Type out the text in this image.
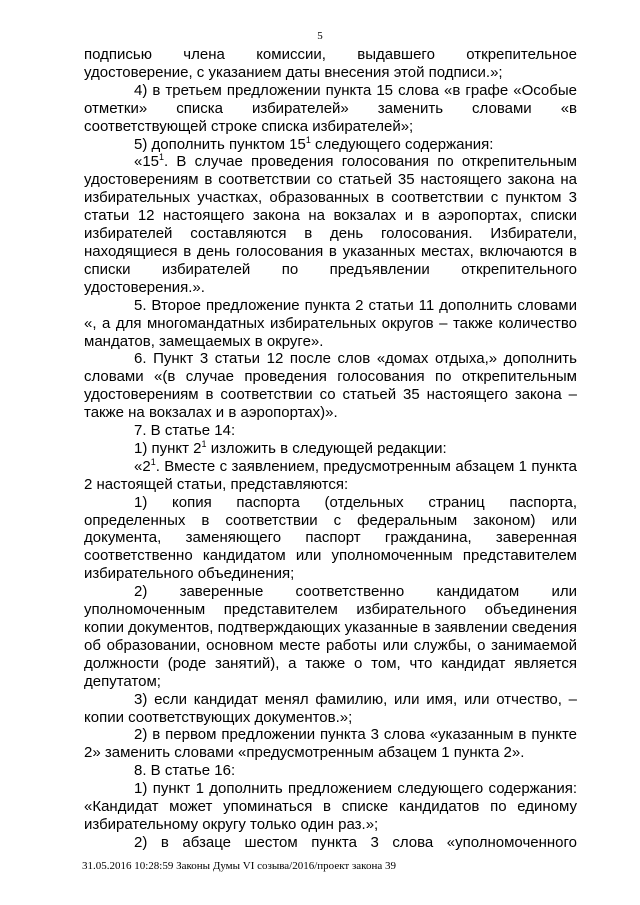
5

подписью члена комиссии, выдавшего открепительное удостоверение, с указанием даты внесения этой подписи.»;

4) в третьем предложении пункта 15 слова «в графе «Особые отметки» списка избирателей» заменить словами «в соответствующей строке списка избирателей»;

5) дополнить пунктом $15^1$ следующего содержания:

«$15^1$. В случае проведения голосования по открепительным удостоверениям в соответствии со статьей 35 настоящего закона на избирательных участках, образованных в соответствии с пунктом 3 статьи 12 настоящего закона на вокзалах и в аэропортах, списки избирателей составляются в день голосования. Избиратели, находящиеся в день голосования в указанных местах, включаются в списки избирателей по предъявлении открепительного удостоверения.».

5. Второе предложение пункта 2 статьи 11 дополнить словами «, а для многомандатных избирательных округов – также количество мандатов, замещаемых в округе».

6. Пункт 3 статьи 12 после слов «домах отдыха,» дополнить словами «(в случае проведения голосования по открепительным удостоверениям в соответствии со статьей 35 настоящего закона – также на вокзалах и в аэропортах)».

7. В статье 14:

1) пункт $2^1$ изложить в следующей редакции:

«$2^1$. Вместе с заявлением, предусмотренным абзацем 1 пункта 2 настоящей статьи, представляются:

1) копия паспорта (отдельных страниц паспорта, определенных в соответствии с федеральным законом) или документа, заменяющего паспорт гражданина, заверенная соответственно кандидатом или уполномоченным представителем избирательного объединения;

2) заверенные соответственно кандидатом или уполномоченным представителем избирательного объединения копии документов, подтверждающих указанные в заявлении сведения об образовании, основном месте работы или службы, о занимаемой должности (роде занятий), а также о том, что кандидат является депутатом;

3) если кандидат менял фамилию, или имя, или отчество, – копии соответствующих документов.»;

2) в первом предложении пункта 3 слова «указанным в пункте 2» заменить словами «предусмотренным абзацем 1 пункта 2».

8. В статье 16:

1) пункт 1 дополнить предложением следующего содержания: «Кандидат может упоминаться в списке кандидатов по единому избирательному округу только один раз.»;

2) в абзаце шестом пункта 3 слова «уполномоченного

31.05.2016 10:28:59 Законы Думы VI созыва/2016/проект закона 39
